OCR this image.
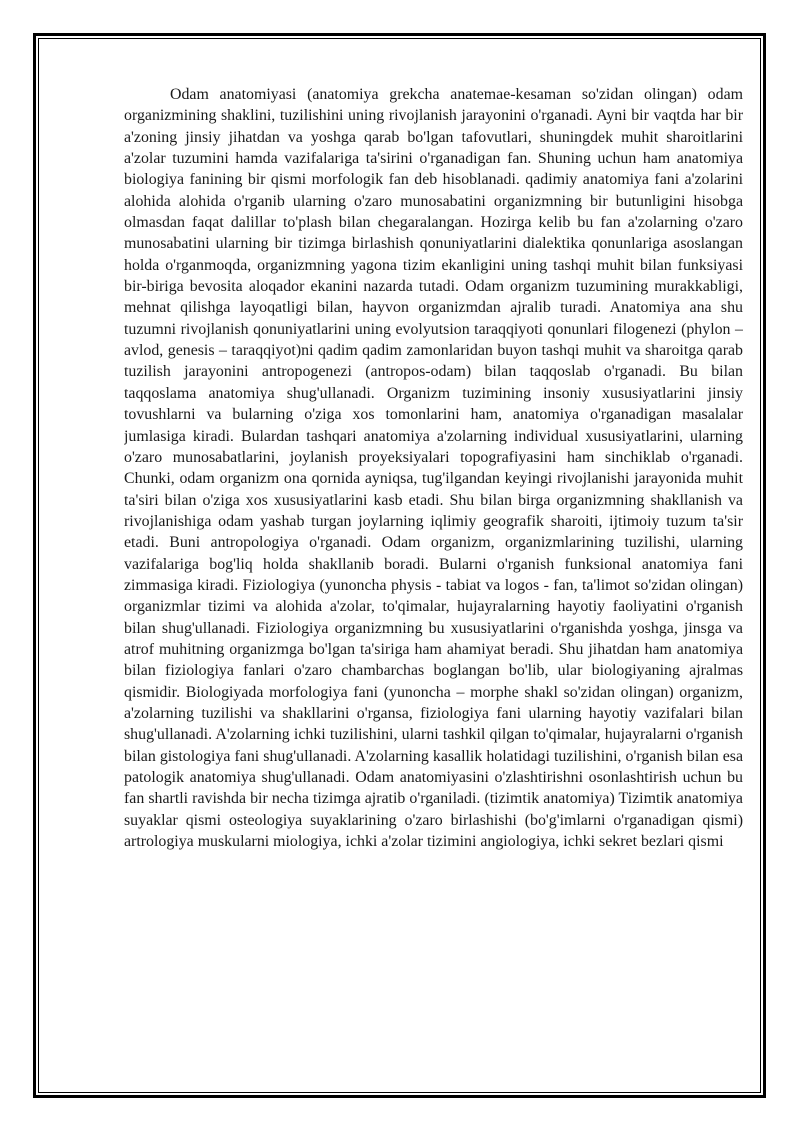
Odam anatomiyasi (anatomiya grekcha anatemae-kesaman so'zidan olingan) odam organizmining shaklini, tuzilishini uning rivojlanish jarayonini o'rganadi. Ayni bir vaqtda har bir a'zoning jinsiy jihatdan va yoshga qarab bo'lgan tafovutlari, shuningdek muhit sharoitlarini a'zolar tuzumini hamda vazifalariga ta'sirini o'rganadigan fan. Shuning uchun ham anatomiya biologiya fanining bir qismi morfologik fan deb hisoblanadi. qadimiy anatomiya fani a'zolarini alohida alohida o'rganib ularning o'zaro munosabatini organizmning bir butunligini hisobga olmasdan faqat dalillar to'plash bilan chegaralangan. Hozirga kelib bu fan a'zolarning o'zaro munosabatini ularning bir tizimga birlashish qonuniyatlarini dialektika qonunlariga asoslangan holda o'rganmoqda, organizmning yagona tizim ekanligini uning tashqi muhit bilan funksiyasi bir-biriga bevosita aloqador ekanini nazarda tutadi. Odam organizm tuzumining murakkabligi, mehnat qilishga layoqatligi bilan, hayvon organizmdan ajralib turadi. Anatomiya ana shu tuzumni rivojlanish qonuniyatlarini uning evolyutsion taraqqiyoti qonunlari filogenezi (phylon – avlod, genesis – taraqqiyot)ni qadim qadim zamonlaridan buyon tashqi muhit va sharoitga qarab tuzilish jarayonini antropogenezi (antropos-odam) bilan taqqoslab o'rganadi. Bu bilan taqqoslama anatomiya shug'ullanadi. Organizm tuzimining insoniy xususiyatlarini jinsiy tovushlarni va bularning o'ziga xos tomonlarini ham, anatomiya o'rganadigan masalalar jumlasiga kiradi. Bulardan tashqari anatomiya a'zolarning individual xususiyatlarini, ularning o'zaro munosabatlarini, joylanish proyeksiyalari topografiyasini ham sinchiklab o'rganadi. Chunki, odam organizm ona qornida ayniqsa, tug'ilgandan keyingi rivojlanishi jarayonida muhit ta'siri bilan o'ziga xos xususiyatlarini kasb etadi. Shu bilan birga organizmning shakllanish va rivojlanishiga odam yashab turgan joylarning iqlimiy geografik sharoiti, ijtimoiy tuzum ta'sir etadi. Buni antropologiya o'rganadi. Odam organizm, organizmlarining tuzilishi, ularning vazifalariga bog'liq holda shakllanib boradi. Bularni o'rganish funksional anatomiya fani zimmasiga kiradi. Fiziologiya (yunoncha physis - tabiat va logos - fan, ta'limot so'zidan olingan) organizmlar tizimi va alohida a'zolar, to'qimalar, hujayralarning hayotiy faoliyatini o'rganish bilan shug'ullanadi. Fiziologiya organizmning bu xususiyatlarini o'rganishda yoshga, jinsga va atrof muhitning organizmga bo'lgan ta'siriga ham ahamiyat beradi. Shu jihatdan ham anatomiya bilan fiziologiya fanlari o'zaro chambarchas boglangan bo'lib, ular biologiyaning ajralmas qismidir. Biologiyada morfologiya fani (yunoncha – morphe shakl so'zidan olingan) organizm, a'zolarning tuzilishi va shakllarini o'rgansa, fiziologiya fani ularning hayotiy vazifalari bilan shug'ullanadi. A'zolarning ichki tuzilishini, ularni tashkil qilgan to'qimalar, hujayralarni o'rganish bilan gistologiya fani shug'ullanadi. A'zolarning kasallik holatidagi tuzilishini, o'rganish bilan esa patologik anatomiya shug'ullanadi. Odam anatomiyasini o'zlashtirishni osonlashtirish uchun bu fan shartli ravishda bir necha tizimga ajratib o'rganiladi. (tizimtik anatomiya) Tizimtik anatomiya suyaklar qismi osteologiya suyaklarining o'zaro birlashishi (bo'g'imlarni o'rganadigan qismi) artrologiya muskularni miologiya, ichki a'zolar tizimini angiologiya, ichki sekret bezlari qismi
